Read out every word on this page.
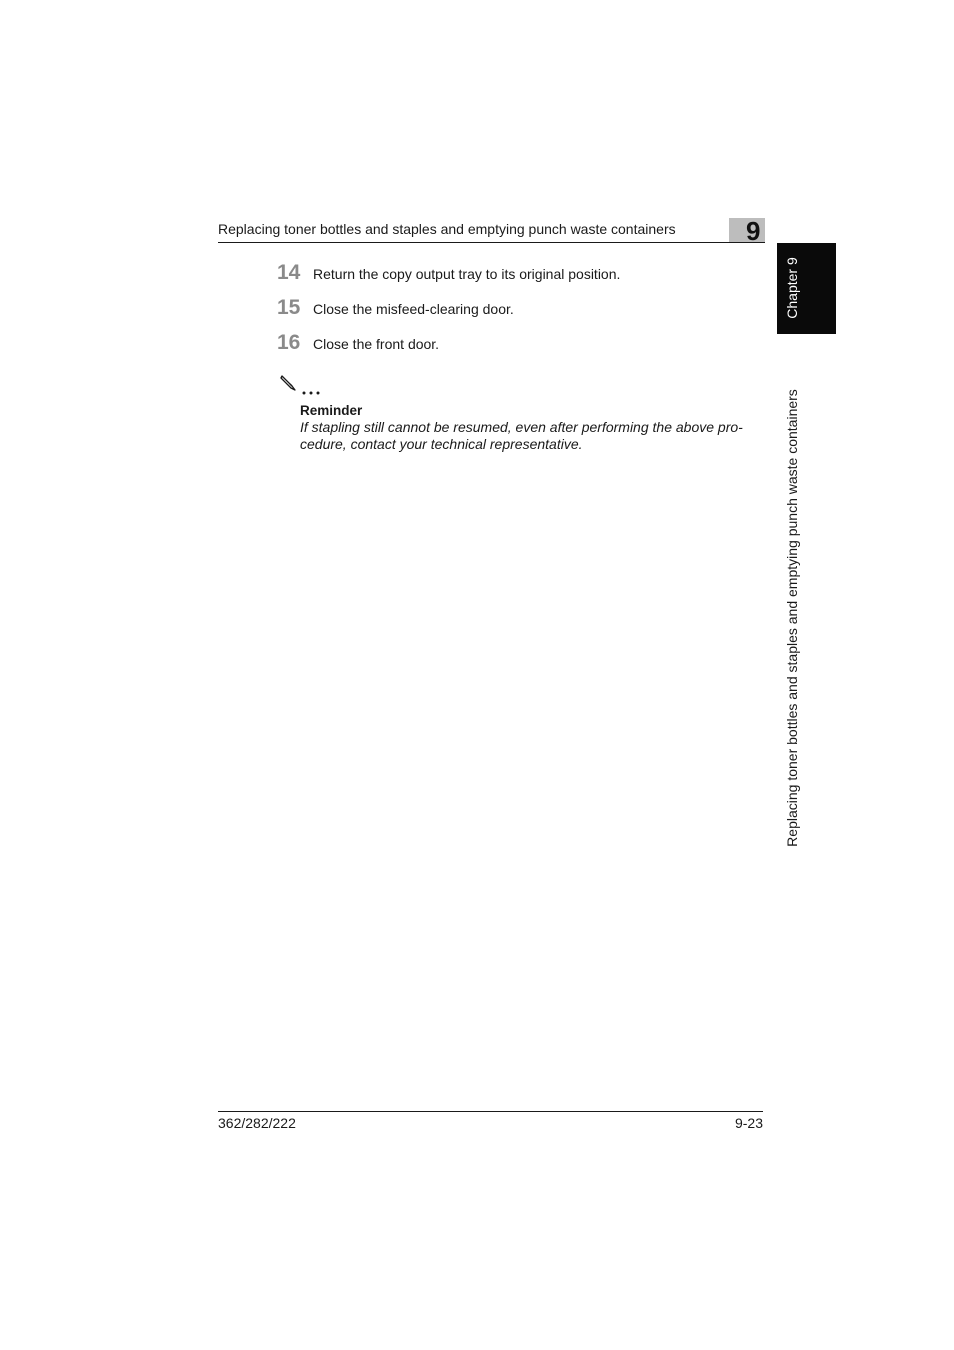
Replacing toner bottles and staples and emptying punch waste containers	9
Chapter 9
Replacing toner bottles and staples and emptying punch waste containers
14 Return the copy output tray to its original position.
15 Close the misfeed-clearing door.
16 Close the front door.
Reminder
If stapling still cannot be resumed, even after performing the above pro-
cedure, contact your technical representative.
362/282/222	9-23
